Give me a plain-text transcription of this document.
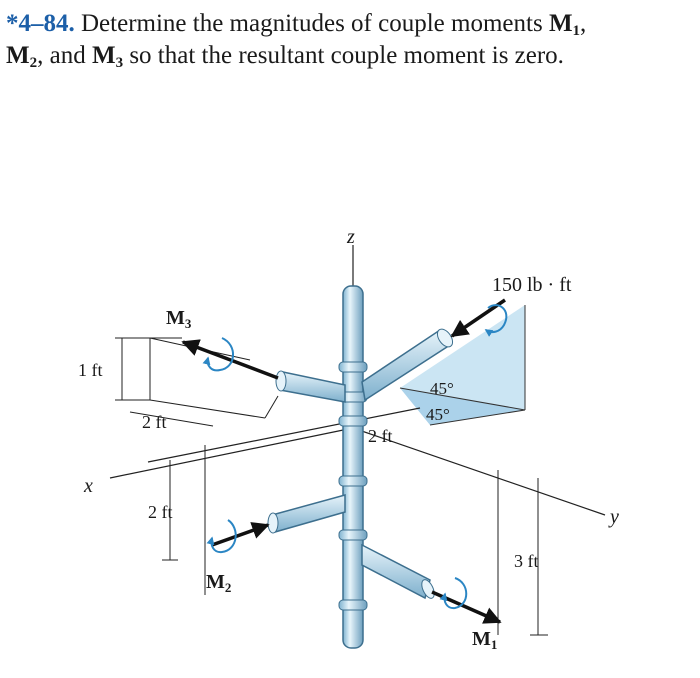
*4–84. Determine the magnitudes of couple moments $M_1$,
$M_2$, and $M_3$ so that the resultant couple moment is zero.
z
x
y
150 lb · ft
$M_3$
$M_2$
$M_1$
1 ft
2 ft
2 ft
2 ft
3 ft
45°
45°
